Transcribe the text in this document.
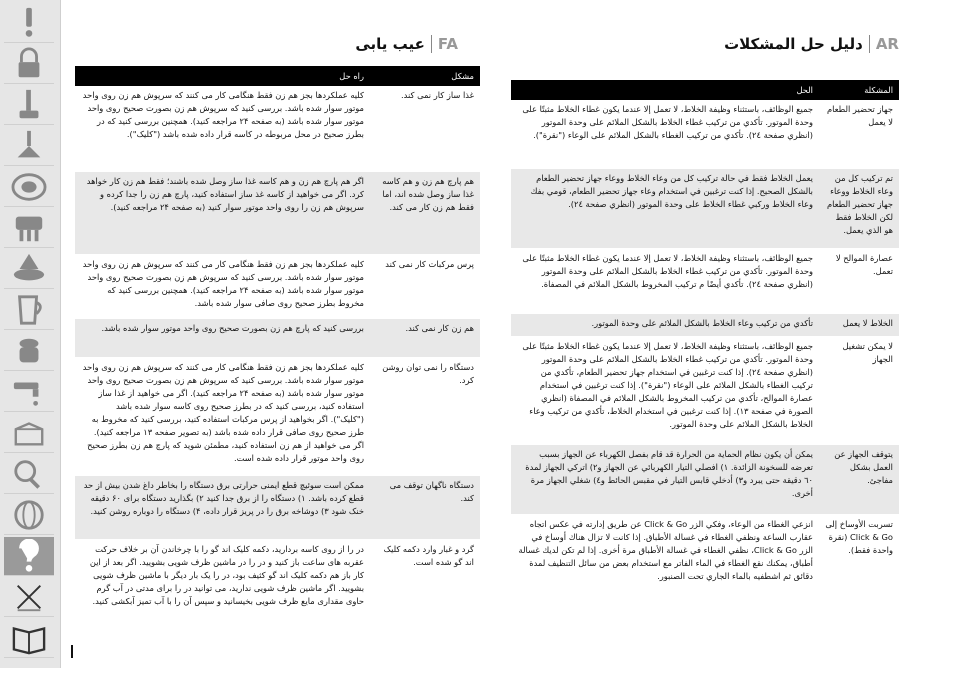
FA
عیب یابی	AR
دليل حل المشكلات
مشکل
راه حل
غذا ساز کار نمی کند.
کلیه عملکردها بجز هم زن فقط هنگامی کار می کنند که سرپوش هم زن روی واحد موتور سوار شده باشد. بررسی کنید که سرپوش هم زن بصورت صحیح روی واحد موتور سوار شده باشد (به صفحه ۲۴ مراجعه کنید). همچنین بررسی کنید که در بطرز صحیح در محل مربوطه در کاسه قرار داده شده باشد ("کلیک").
هم پارچ هم زن و هم کاسه غذا ساز وصل شده اند، اما فقط هم زن کار می کند.
اگر هم پارچ هم زن و هم کاسه غذا ساز وصل شده باشند؛ فقط هم زن کار خواهد کرد. اگر می خواهید از کاسه غذ ساز استفاده کنید، پارچ هم زن را جدا کرده و سرپوش هم زن را روی واحد موتور سوار کنید (به صفحه ۲۴ مراجعه کنید).
پرس مرکبات کار نمی کند
کلیه عملکردها بجز هم زن فقط هنگامی کار می کنند که سرپوش هم زن روی واحد موتور سوار شده باشد. بررسی کنید که سرپوش هم زن بصورت صحیح روی واحد موتور سوار شده باشد (به صفحه ۲۴ مراجعه کنید). همچنین بررسی کنید که مخروط بطرز صحیح روی صافی سوار شده باشد.
هم زن کار نمی کند.
بررسی کنید که پارچ هم زن بصورت صحیح روی واحد موتور سوار شده باشد.
دستگاه را نمی توان روشن کرد.
کلیه عملکردها بجز هم زن فقط هنگامی کار می کنند که سرپوش هم زن روی واحد موتور سوار شده باشد. بررسی کنید که سرپوش هم زن بصورت صحیح روی واحد موتور سوار شده باشد (به صفحه ۲۴ مراجعه کنید). اگر می خواهید از غذا ساز استفاده کنید، بررسی کنید که در بطرز صحیح روی کاسه سوار شده باشد ("کلیک"). اگر بخواهید از پرس مرکبات استفاده کنید، بررسی کنید که مخروط به طرز صحیح روی صافی قرار داده شده باشد (به تصویر صفحه ۱۳ مراجعه کنید). اگر می خواهید از هم زن استفاده کنید، مطمئن شوید که پارچ هم زن بطرز صحیح روی واحد موتور قرار داده شده است.
دستگاه ناگهان توقف می کند.
ممکن است سوئیچ قطع ایمنی حرارتی برق دستگاه را بخاطر داغ شدن بیش از حد قطع کرده باشد. ۱) دستگاه را از برق جدا کنید ۲) بگذارید دستگاه برای ۶۰ دقیقه خنک شود ۳) دوشاخه برق را در پریز قرار داده، ۴) دستگاه را دوباره روشن کنید.
گرد و غبار وارد دکمه کلیک اند گو شده است.
در را از روی کاسه بردارید، دکمه کلیک اند گو را با چرخاندن آن بر خلاف حرکت عقربه های ساعت باز کنید و در را در ماشین ظرف شویی بشویید. اگر بعد از این کار باز هم دکمه کلیک اند گو کثیف بود، در را یک بار دیگر با ماشین ظرف شویی بشویید. اگر ماشین ظرف شویی ندارید، می توانید در را برای مدتی در آب گرم حاوی مقداری مایع ظرف شویی بخیسانید و سپس آن را با آب تمیز آبکشی کنید.
المشكلة
الحل
جهاز تحضير الطعام لا يعمل
جميع الوظائف، باستثناء وظيفة الخلاط، لا تعمل إلا عندما يكون غطاء الخلاط مثبتًا على وحدة الموتور. تأكدي من تركيب غطاء الخلاط بالشكل الملائم على وحدة الموتور (انظري صفحة ٢٤). تأكدي من تركيب الغطاء بالشكل الملائم على الوعاء ("نقرة").
تم تركيب كل من وعاء الخلاط ووعاء جهاز تحضير الطعام لكن الخلاط فقط هو الذي يعمل.
يعمل الخلاط فقط في حالة تركيب كل من وعاء الخلاط ووعاء جهاز تحضير الطعام بالشكل الصحيح. إذا كنت ترغبين في استخدام وعاء جهاز تحضير الطعام، قومي بفك وعاء الخلاط وركبي غطاء الخلاط على وحدة الموتور (انظري صفحة ٢٤).
عصارة الموالح لا تعمل.
جميع الوظائف، باستثناء وظيفة الخلاط، لا تعمل إلا عندما يكون غطاء الخلاط مثبتًا على وحدة الموتور. تأكدي من تركيب غطاء الخلاط بالشكل الملائم على وحدة الموتور (انظري صفحة ٢٤). تأكدي أيضًا م تركيب المخروط بالشكل الملائم في المصفاة.
الخلاط لا يعمل
تأكدي من تركيب وعاء الخلاط بالشكل الملائم على وحدة الموتور.
لا يمكن تشغيل الجهاز
جميع الوظائف، باستثناء وظيفة الخلاط، لا تعمل إلا عندما يكون غطاء الخلاط مثبتًا على وحدة الموتور. تأكدي من تركيب غطاء الخلاط بالشكل الملائم على وحدة الموتور (انظري صفحة ٢٤). إذا كنت ترغبين في استخدام جهاز تحضير الطعام، تأكدي من تركيب الغطاء بالشكل الملائم على الوعاء ("نقرة"). إذا كنت ترغبين في استخدام عصارة الموالح، تأكدي من تركيب المخروط بالشكل الملائم في المصفاة (انظري الصورة في صفحة ١٣). إذا كنت ترغبين في استخدام الخلاط، تأكدي من تركيب وعاء الخلاط بالشكل الملائم على وحدة الموتور.
يتوقف الجهاز عن العمل بشكل مفاجئ.
يمكن أن يكون نظام الحماية من الحرارة قد قام بفصل الكهرباء عن الجهاز بسبب تعرضه للسخونة الزائدة. ١) افصلي التيار الكهربائي عن الجهاز و٢) اتركي الجهاز لمدة ٦٠ دقيقة حتى يبرد و٣) أدخلي قابس التيار في مقبس الحائط و٤) شغلي الجهاز مرة أخرى.
تسربت الأوساخ إلى Click & Go (نقرة واحدة فقط).
انزعي الغطاء من الوعاء، وفكي الزر Click & Go عن طريق إدارته في عكس اتجاه عقارب الساعة ونظفي الغطاء في غسالة الأطباق. إذا كانت لا تزال هناك أوساخ في الزر Click & Go، نظفي الغطاء في غسالة الأطباق مرة أخرى. إذا لم تكن لديك غسالة أطباق، يمكنك نقع الغطاء في الماء الفاتر مع استخدام بعض من سائل التنظيف لمدة دقائق ثم اشطفيه بالماء الجاري تحت الصنبور.
